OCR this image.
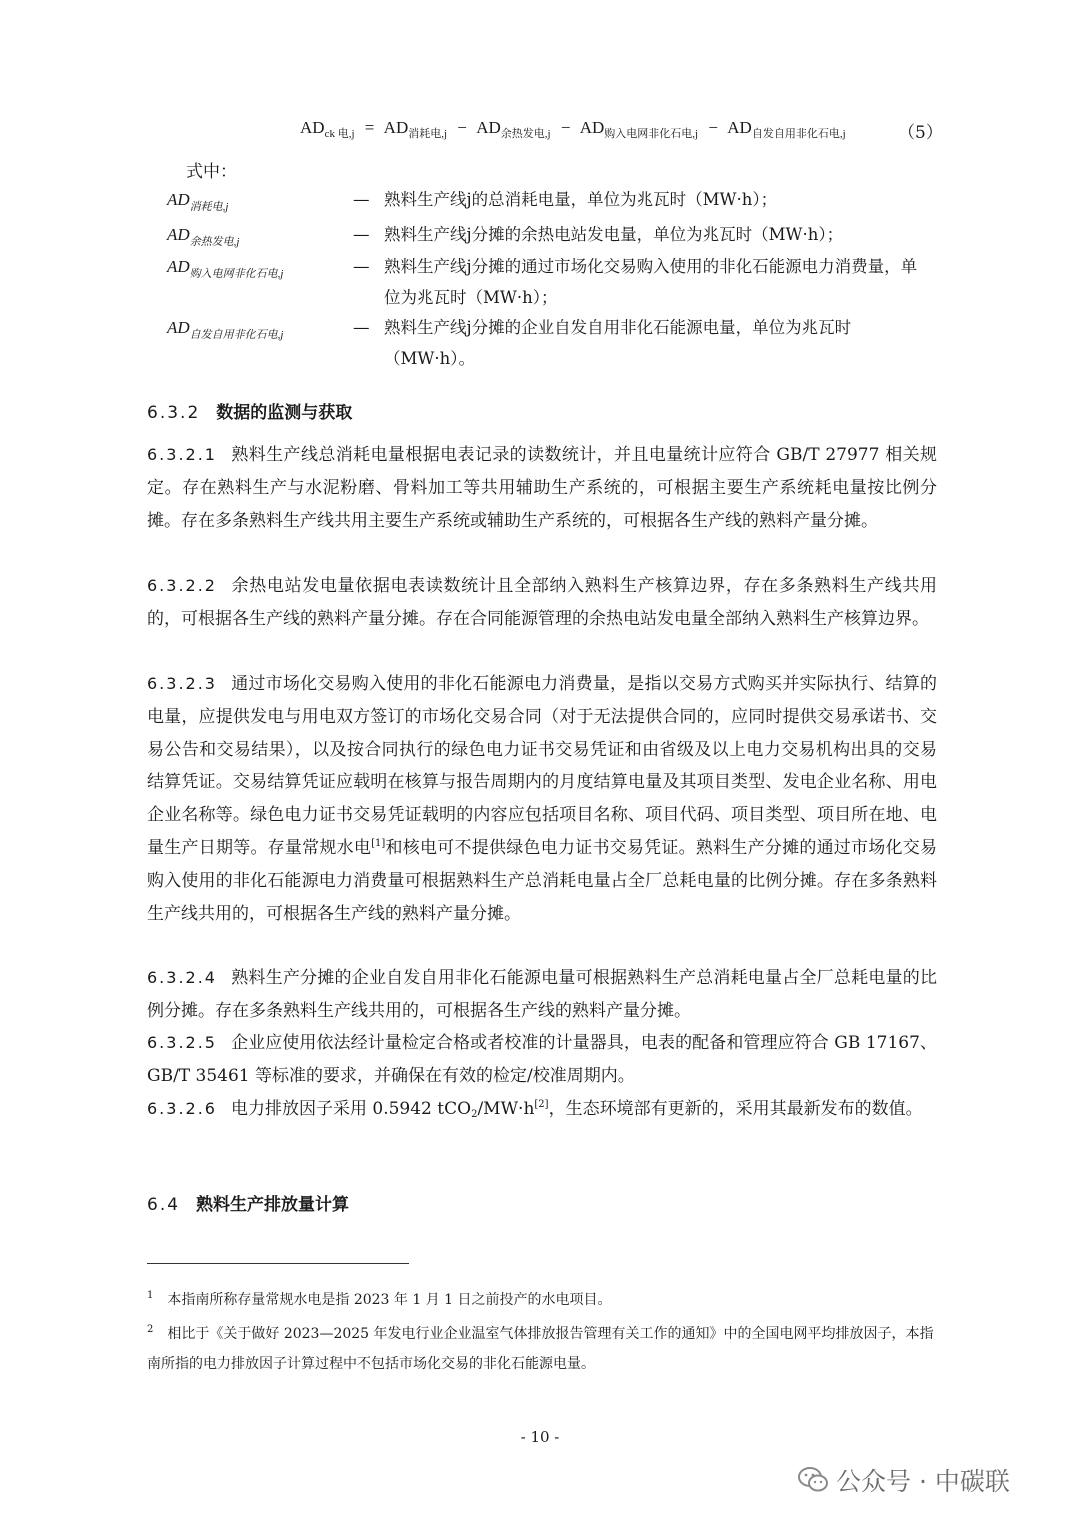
$AD_{ck 电,j} = AD_{消耗电,j} - AD_{余热发电,j} - AD_{购入电网非化石电,j} - AD_{自发自用非化石电,j}$	（5）
式中：
$AD_{消耗电,j}$	— 熟料生产线j的总消耗电量，单位为兆瓦时（MW·h）；
$AD_{余热发电,j}$	— 熟料生产线j分摊的余热电站发电量，单位为兆瓦时（MW·h）；
$AD_{购入电网非化石电,j}$	— 熟料生产线j分摊的通过市场化交易购入使用的非化石能源电力消费量，单位为兆瓦时（MW·h）；
$AD_{自发自用非化石电,j}$	— 熟料生产线j分摊的企业自发自用非化石能源电量，单位为兆瓦时（MW·h）。
6.3.2 数据的监测与获取
6.3.2.1 熟料生产线总消耗电量根据电表记录的读数统计，并且电量统计应符合 GB/T 27977 相关规定。存在熟料生产与水泥粉磨、骨料加工等共用辅助生产系统的，可根据主要生产系统耗电量按比例分摊。存在多条熟料生产线共用主要生产系统或辅助生产系统的，可根据各生产线的熟料产量分摊。
6.3.2.2 余热电站发电量依据电表读数统计且全部纳入熟料生产核算边界，存在多条熟料生产线共用的，可根据各生产线的熟料产量分摊。存在合同能源管理的余热电站发电量全部纳入熟料生产核算边界。
6.3.2.3 通过市场化交易购入使用的非化石能源电力消费量，是指以交易方式购买并实际执行、结算的电量，应提供发电与用电双方签订的市场化交易合同（对于无法提供合同的，应同时提供交易承诺书、交易公告和交易结果），以及按合同执行的绿色电力证书交易凭证和由省级及以上电力交易机构出具的交易结算凭证。交易结算凭证应载明在核算与报告周期内的月度结算电量及其项目类型、发电企业名称、用电企业名称等。绿色电力证书交易凭证载明的内容应包括项目名称、项目代码、项目类型、项目所在地、电量生产日期等。存量常规水电[1]和核电可不提供绿色电力证书交易凭证。熟料生产分摊的通过市场化交易购入使用的非化石能源电力消费量可根据熟料生产总消耗电量占全厂总耗电量的比例分摊。存在多条熟料生产线共用的，可根据各生产线的熟料产量分摊。
6.3.2.4 熟料生产分摊的企业自发自用非化石能源电量可根据熟料生产总消耗电量占全厂总耗电量的比例分摊。存在多条熟料生产线共用的，可根据各生产线的熟料产量分摊。
6.3.2.5 企业应使用依法经计量检定合格或者校准的计量器具，电表的配备和管理应符合 GB 17167、GB/T 35461 等标准的要求，并确保在有效的检定/校准周期内。
6.3.2.6 电力排放因子采用 0.5942 tCO$_2$/MW·h[2]，生态环境部有更新的，采用其最新发布的数值。
6.4 熟料生产排放量计算
$^1$ 本指南所称存量常规水电是指 2023 年 1 月 1 日之前投产的水电项目。
$^2$ 相比于《关于做好 2023—2025 年发电行业企业温室气体排放报告管理有关工作的通知》中的全国电网平均排放因子，本指南所指的电力排放因子计算过程中不包括市场化交易的非化石能源电量。
- 10 -
公众号 · 中碳联
